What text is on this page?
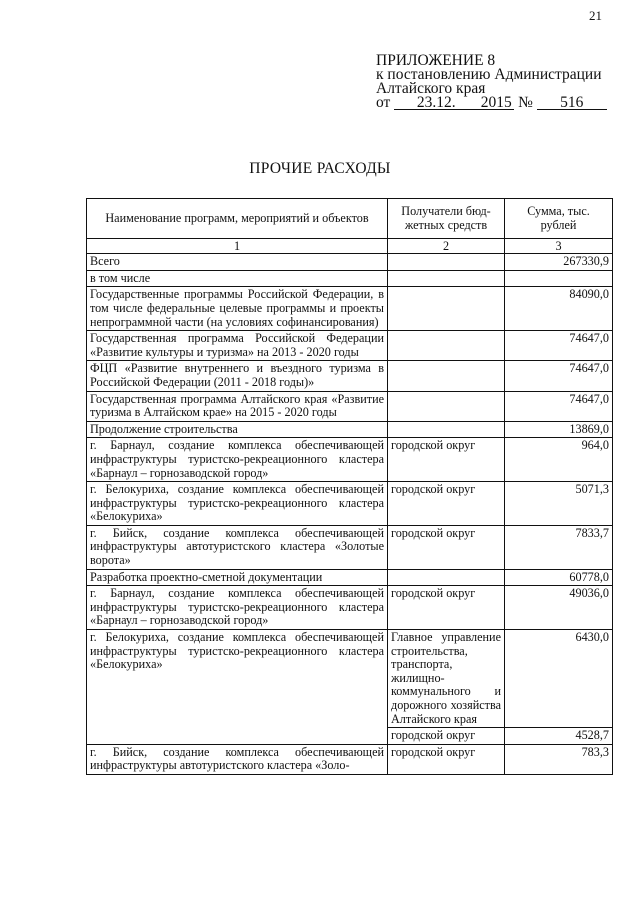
21
ПРИЛОЖЕНИЕ 8
к постановлению Администрации
Алтайского края
от 23.12. 2015 № 516
ПРОЧИЕ РАСХОДЫ
Наименование программ, мероприятий и объектов	Получатели бюд-жетных средств	Сумма, тыс. рублей
1	2	3
Всего		267330,9
в том числе		
Государственные программы Российской Федерации, в том числе федеральные целевые программы и проекты непрограммной части (на условиях софинансирования)		84090,0
Государственная программа Российской Федерации «Развитие культуры и туризма» на 2013 - 2020 годы		74647,0
ФЦП «Развитие внутреннего и въездного туризма в Российской Федерации (2011 - 2018 годы)»		74647,0
Государственная программа Алтайского края «Развитие туризма в Алтайском крае» на 2015 - 2020 годы		74647,0
Продолжение строительства		13869,0
г. Барнаул, создание комплекса обеспечивающей инфраструктуры туристско-рекреационного кластера «Барнаул – горнозаводской город»	городской округ	964,0
г. Белокуриха, создание комплекса обеспечивающей инфраструктуры туристско-рекреационного кластера «Белокуриха»	городской округ	5071,3
г. Бийск, создание комплекса обеспечивающей инфраструктуры автотуристского кластера «Золотые ворота»	городской округ	7833,7
Разработка проектно-сметной документации		60778,0
г. Барнаул, создание комплекса обеспечивающей инфраструктуры туристско-рекреационного кластера «Барнаул – горнозаводской город»	городской округ	49036,0
г. Белокуриха, создание комплекса обеспечивающей инфраструктуры туристско-рекреационного кластера «Белокуриха»	Главное управление строительства, транспорта, жилищно-коммунального и дорожного хозяйства Алтайского края	6430,0
	городской округ	4528,7
г. Бийск, создание комплекса обеспечивающей инфраструктуры автотуристского кластера «Золо-	городской округ	783,3
